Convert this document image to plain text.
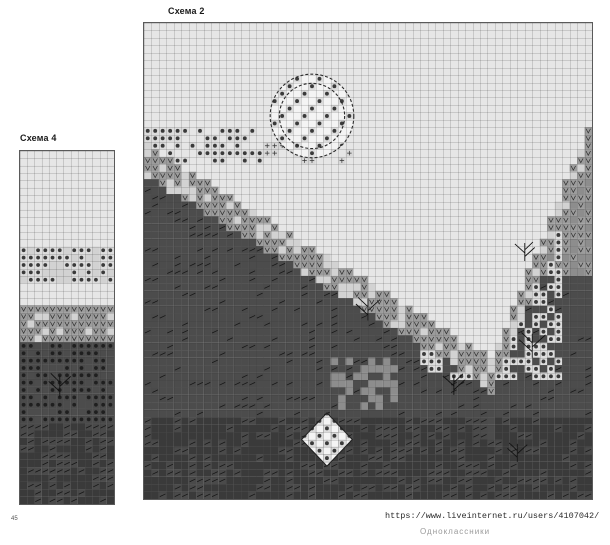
Схема 2
Схема 4
https://www.liveinternet.ru/users/4107042/
Одноклассники
45
